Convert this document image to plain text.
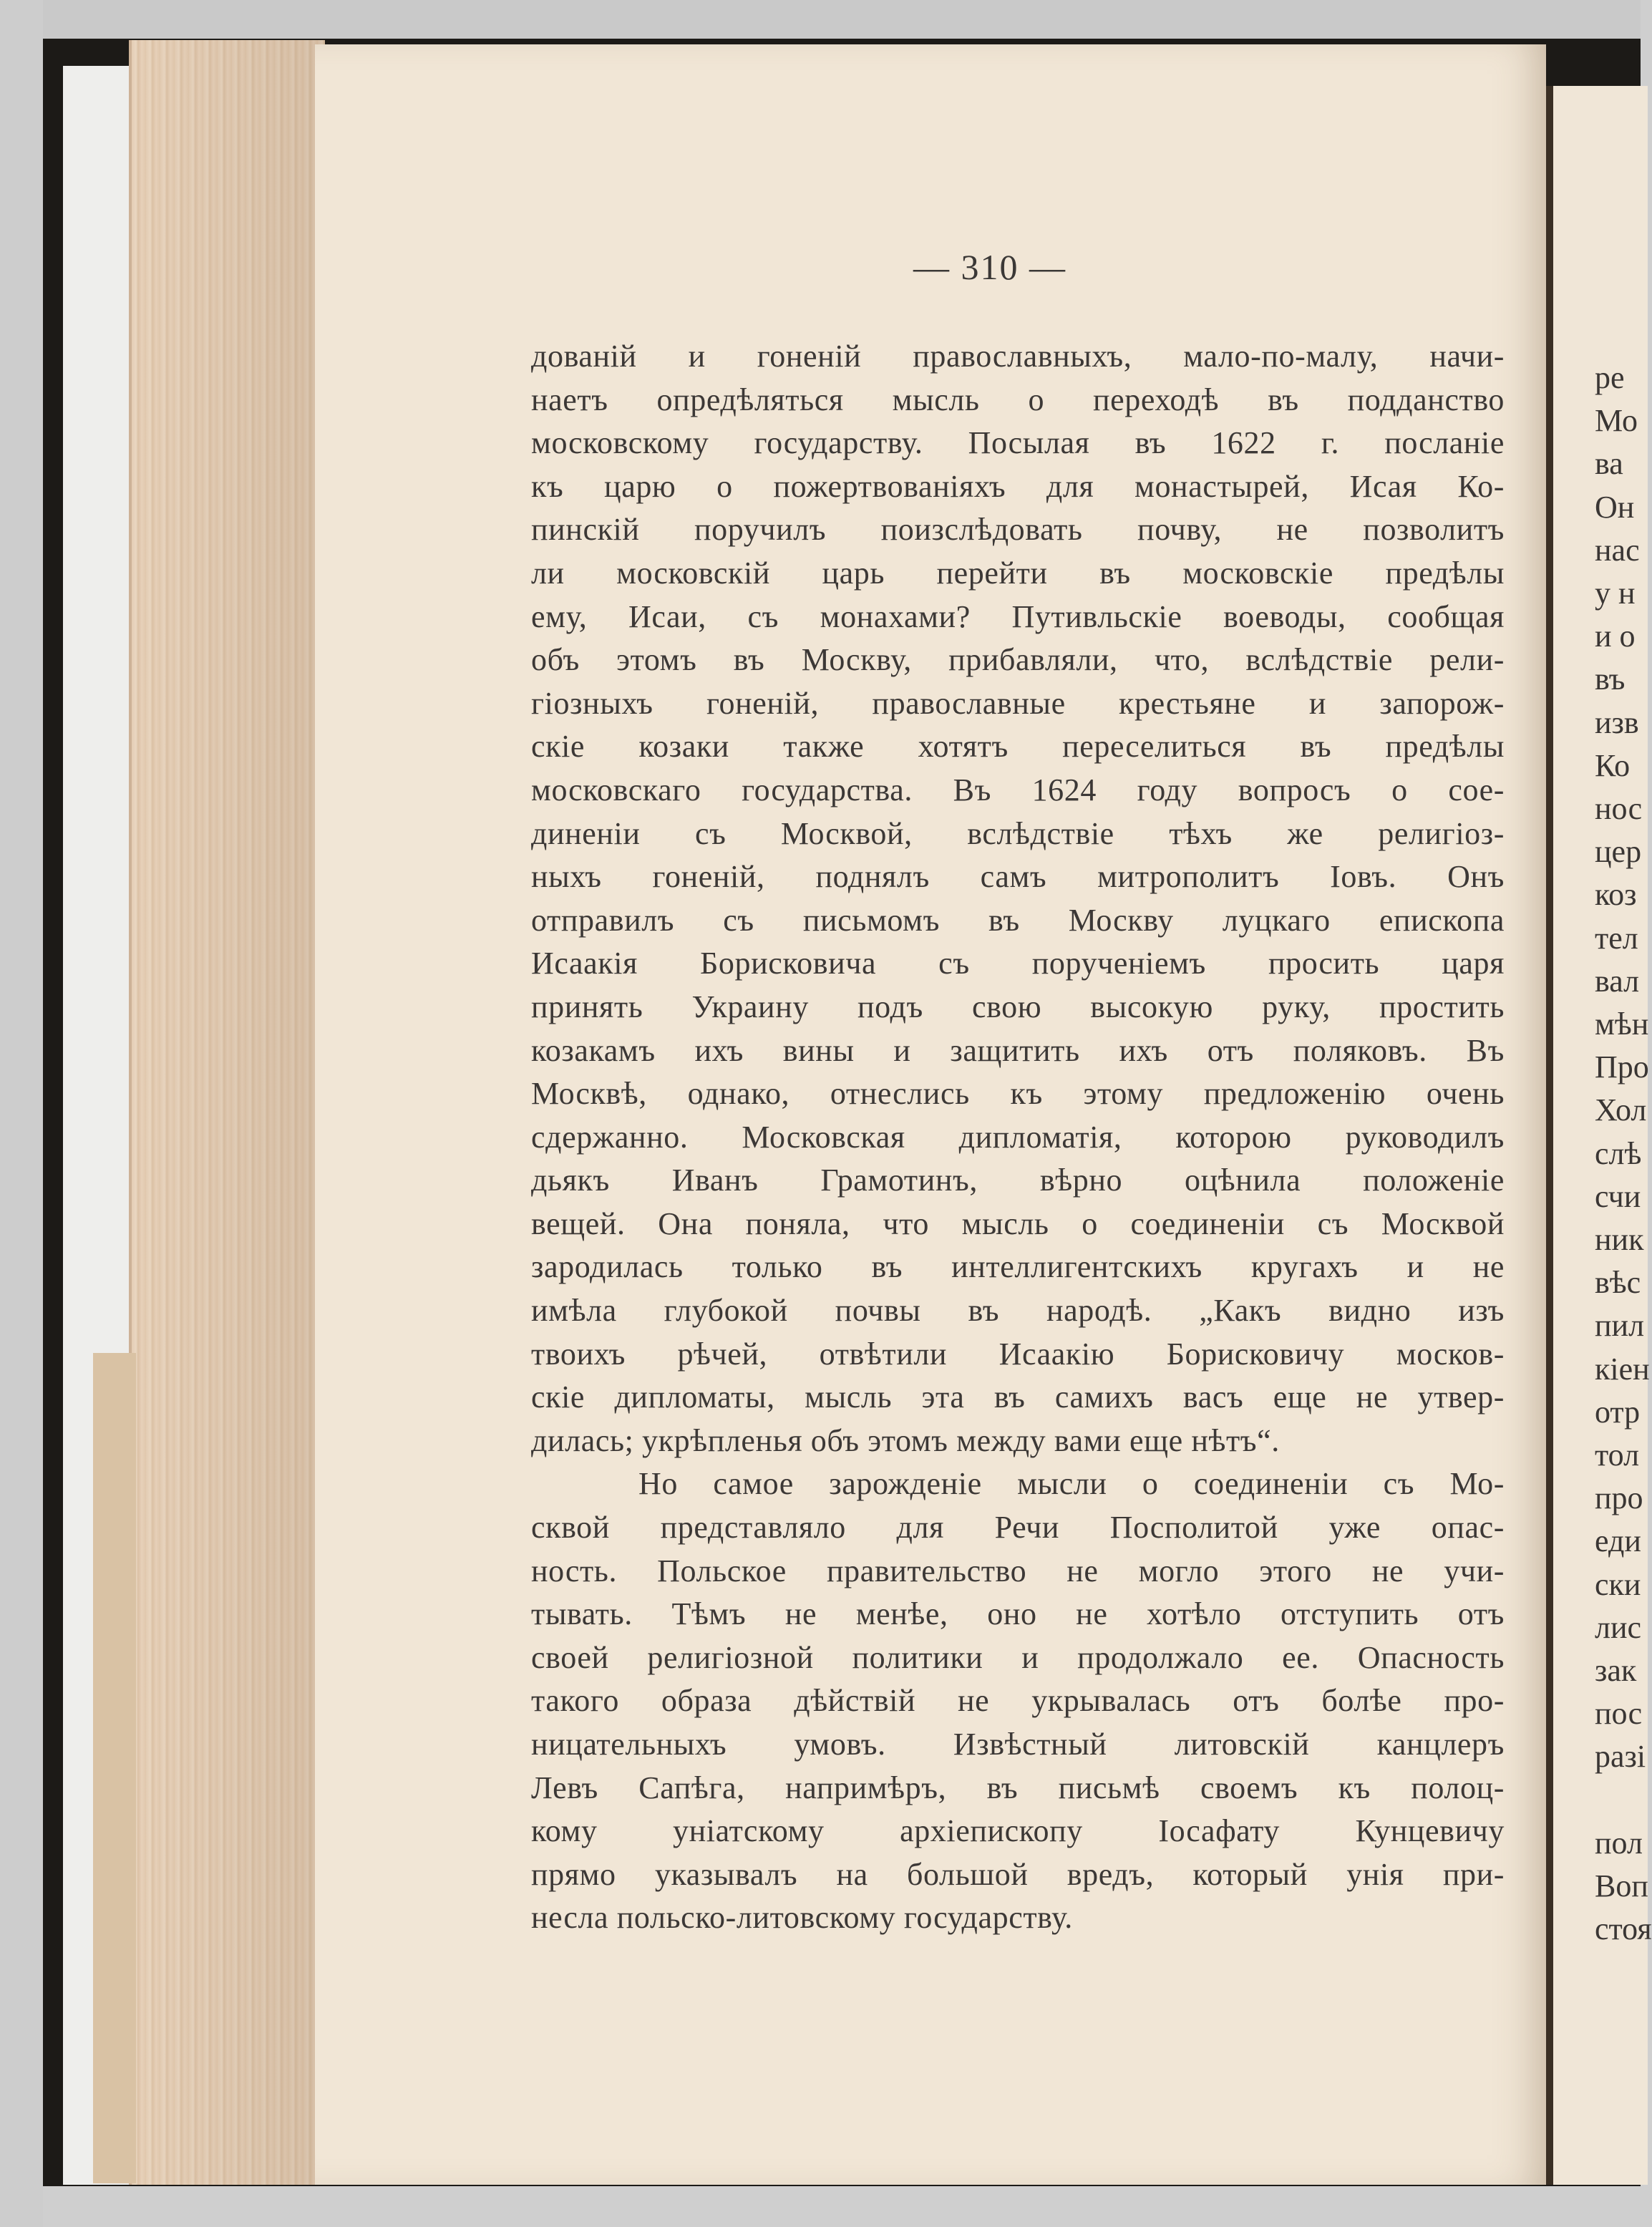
— 310 —
дованій и гоненій православныхъ, мало-по-малу, начи-
наетъ опредѣляться мысль о переходѣ въ подданство
московскому государству. Посылая въ 1622 г. посланіе
къ царю о пожертвованіяхъ для монастырей, Исая Ко-
пинскій поручилъ поизслѣдовать почву, не позволитъ
ли московскій царь перейти въ московскіе предѣлы
ему, Исаи, съ монахами? Путивльскіе воеводы, сообщая
объ этомъ въ Москву, прибавляли, что, вслѣдствіе рели-
гіозныхъ гоненій, православные крестьяне и запорож-
скіе козаки также хотятъ переселиться въ предѣлы
московскаго государства. Въ 1624 году вопросъ о сое-
диненіи съ Москвой, вслѣдствіе тѣхъ же религіоз-
ныхъ гоненій, поднялъ самъ митрополитъ Іовъ. Онъ
отправилъ съ письмомъ въ Москву луцкаго епископа
Исаакія Борисковича съ порученіемъ просить царя
принять Украину подъ свою высокую руку, простить
козакамъ ихъ вины и защитить ихъ отъ поляковъ. Въ
Москвѣ, однако, отнеслись къ этому предложенію очень
сдержанно. Московская дипломатія, которою руководилъ
дьякъ Иванъ Грамотинъ, вѣрно оцѣнила положеніе
вещей. Она поняла, что мысль о соединеніи съ Москвой
зародилась только въ интеллигентскихъ кругахъ и не
имѣла глубокой почвы въ народѣ. „Какъ видно изъ
твоихъ рѣчей, отвѣтили Исаакію Борисковичу москов-
скіе дипломаты, мысль эта въ самихъ васъ еще не утвер-
дилась; укрѣпленья объ этомъ между вами еще нѣтъ“.
Но самое зарожденіе мысли о соединеніи съ Мо-
сквой представляло для Речи Посполитой уже опас-
ность. Польское правительство не могло этого не учи-
тывать. Тѣмъ не менѣе, оно не хотѣло отступить отъ
своей религіозной политики и продолжало ее. Опасность
такого образа дѣйствій не укрывалась отъ болѣе про-
ницательныхъ умовъ. Извѣстный литовскій канцлеръ
Левъ Сапѣга, напримѣръ, въ письмѣ своемъ къ полоц-
кому уніатскому архіепископу Іосафату Кунцевичу
прямо указывалъ на большой вредъ, который унія при-
несла польско-литовскому государству.
ре
Мо
ва
Он
нас
у н
и о
въ
изв
Ко
нос
цер
коз
тел
вал
мѣн
Про
Хол
слѣ
счи
ник
вѣс
пил
кіен
отр
тол
про
еди
ски
лис
зак
пос
разі
пол
Воп
стоя
